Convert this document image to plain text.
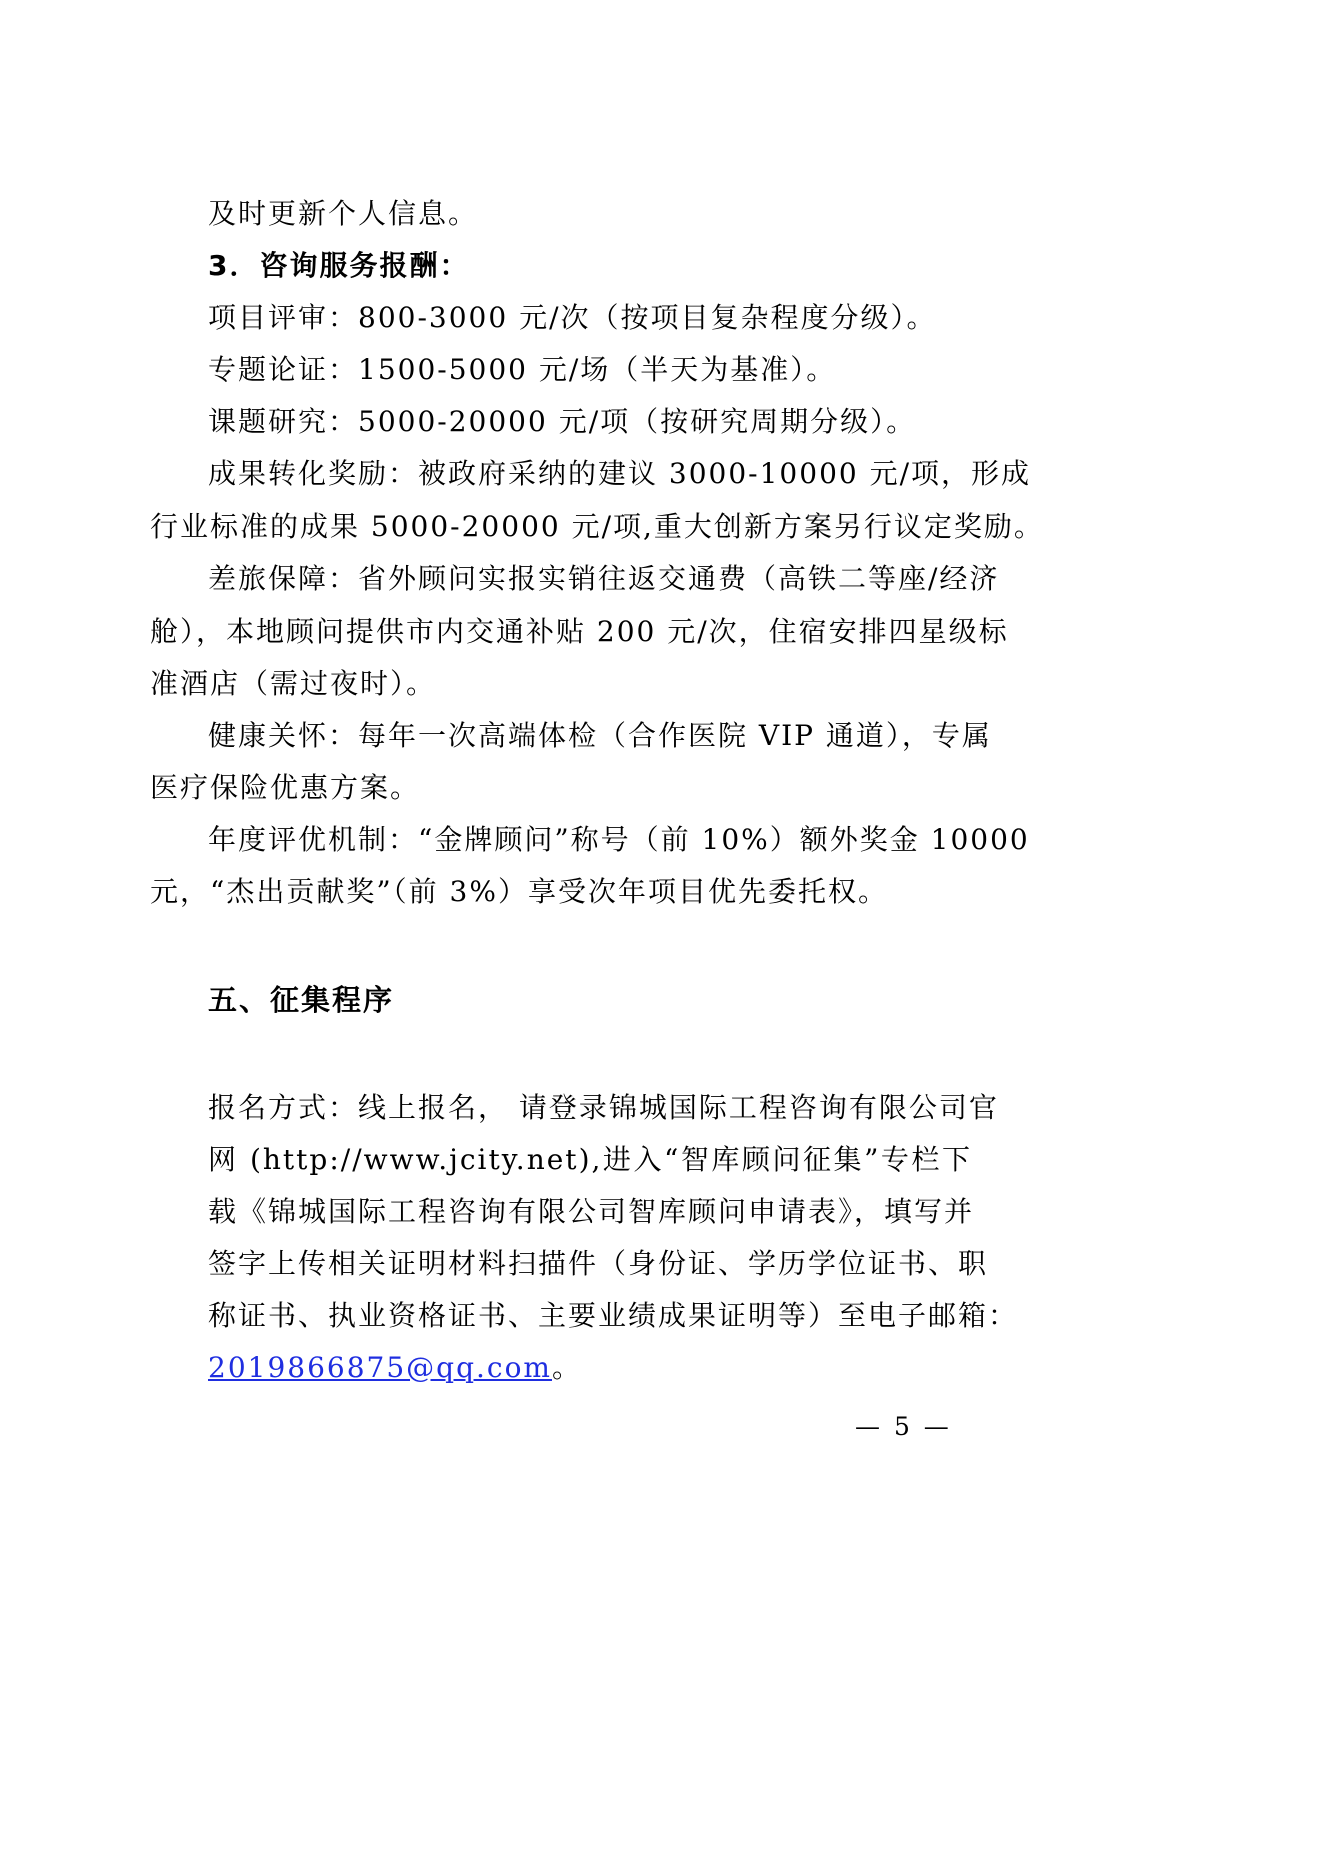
及时更新个人信息。
3．咨询服务报酬：
项目评审：800-3000 元/次（按项目复杂程度分级）。
专题论证：1500-5000 元/场（半天为基准）。
课题研究：5000-20000 元/项（按研究周期分级）。
成果转化奖励：被政府采纳的建议 3000-10000 元/项，形成
行业标准的成果 5000-20000 元/项,重大创新方案另行议定奖励。
差旅保障：省外顾问实报实销往返交通费（高铁二等座/经济
舱），本地顾问提供市内交通补贴 200 元/次，住宿安排四星级标
准酒店（需过夜时）。
健康关怀：每年一次高端体检（合作医院 VIP 通道），专属
医疗保险优惠方案。
年度评优机制：“金牌顾问”称号（前 10%）额外奖金 10000
元，“杰出贡献奖”（前 3%）享受次年项目优先委托权。
五、征集程序
报名方式：线上报名， 请登录锦城国际工程咨询有限公司官
网 (http://www.jcity.net),进入“智库顾问征集”专栏下
载《锦城国际工程咨询有限公司智库顾问申请表》，填写并
签字上传相关证明材料扫描件（身份证、学历学位证书、职
称证书、执业资格证书、主要业绩成果证明等）至电子邮箱：
2019866875@qq.com。
— 5 —
